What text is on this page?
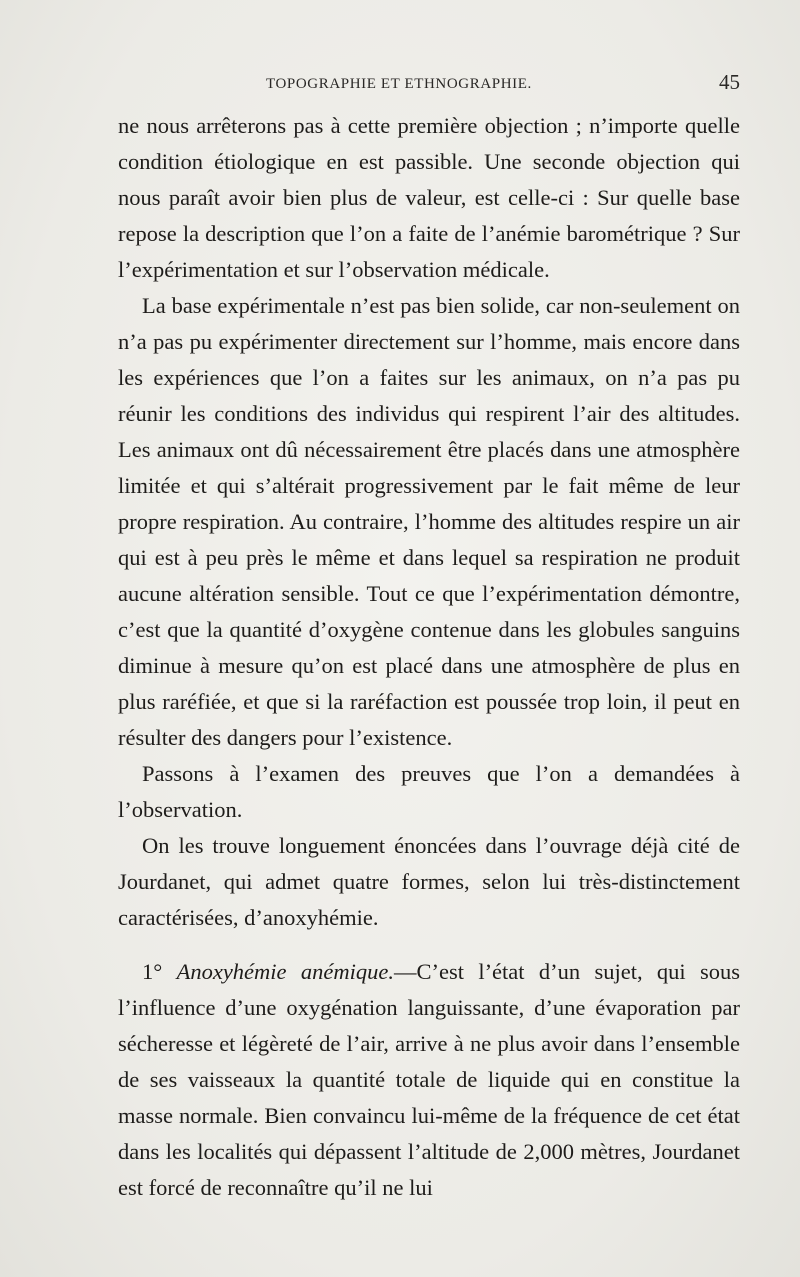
TOPOGRAPHIE ET ETHNOGRAPHIE.	45

ne nous arrêterons pas à cette première objection ; n’importe quelle condition étiologique en est passible. Une seconde objection qui nous paraît avoir bien plus de valeur, est celle-ci : Sur quelle base repose la description que l’on a faite de l’anémie barométrique ? Sur l’expérimentation et sur l’observation médicale.

La base expérimentale n’est pas bien solide, car non-seulement on n’a pas pu expérimenter directement sur l’homme, mais encore dans les expériences que l’on a faites sur les animaux, on n’a pas pu réunir les conditions des individus qui respirent l’air des altitudes. Les animaux ont dû nécessairement être placés dans une atmosphère limitée et qui s’altérait progressivement par le fait même de leur propre respiration. Au contraire, l’homme des altitudes respire un air qui est à peu près le même et dans lequel sa respiration ne produit aucune altération sensible. Tout ce que l’expérimentation démontre, c’est que la quantité d’oxygène contenue dans les globules sanguins diminue à mesure qu’on est placé dans une atmosphère de plus en plus raréfiée, et que si la raréfaction est poussée trop loin, il peut en résulter des dangers pour l’existence.

Passons à l’examen des preuves que l’on a demandées à l’observation.

On les trouve longuement énoncées dans l’ouvrage déjà cité de Jourdanet, qui admet quatre formes, selon lui très-distinctement caractérisées, d’anoxyhémie.

1° Anoxyhémie anémique.—C’est l’état d’un sujet, qui sous l’influence d’une oxygénation languissante, d’une évaporation par sécheresse et légèreté de l’air, arrive à ne plus avoir dans l’ensemble de ses vaisseaux la quantité totale de liquide qui en constitue la masse normale. Bien convaincu lui-même de la fréquence de cet état dans les localités qui dépassent l’altitude de 2,000 mètres, Jourdanet est forcé de reconnaître qu’il ne lui
